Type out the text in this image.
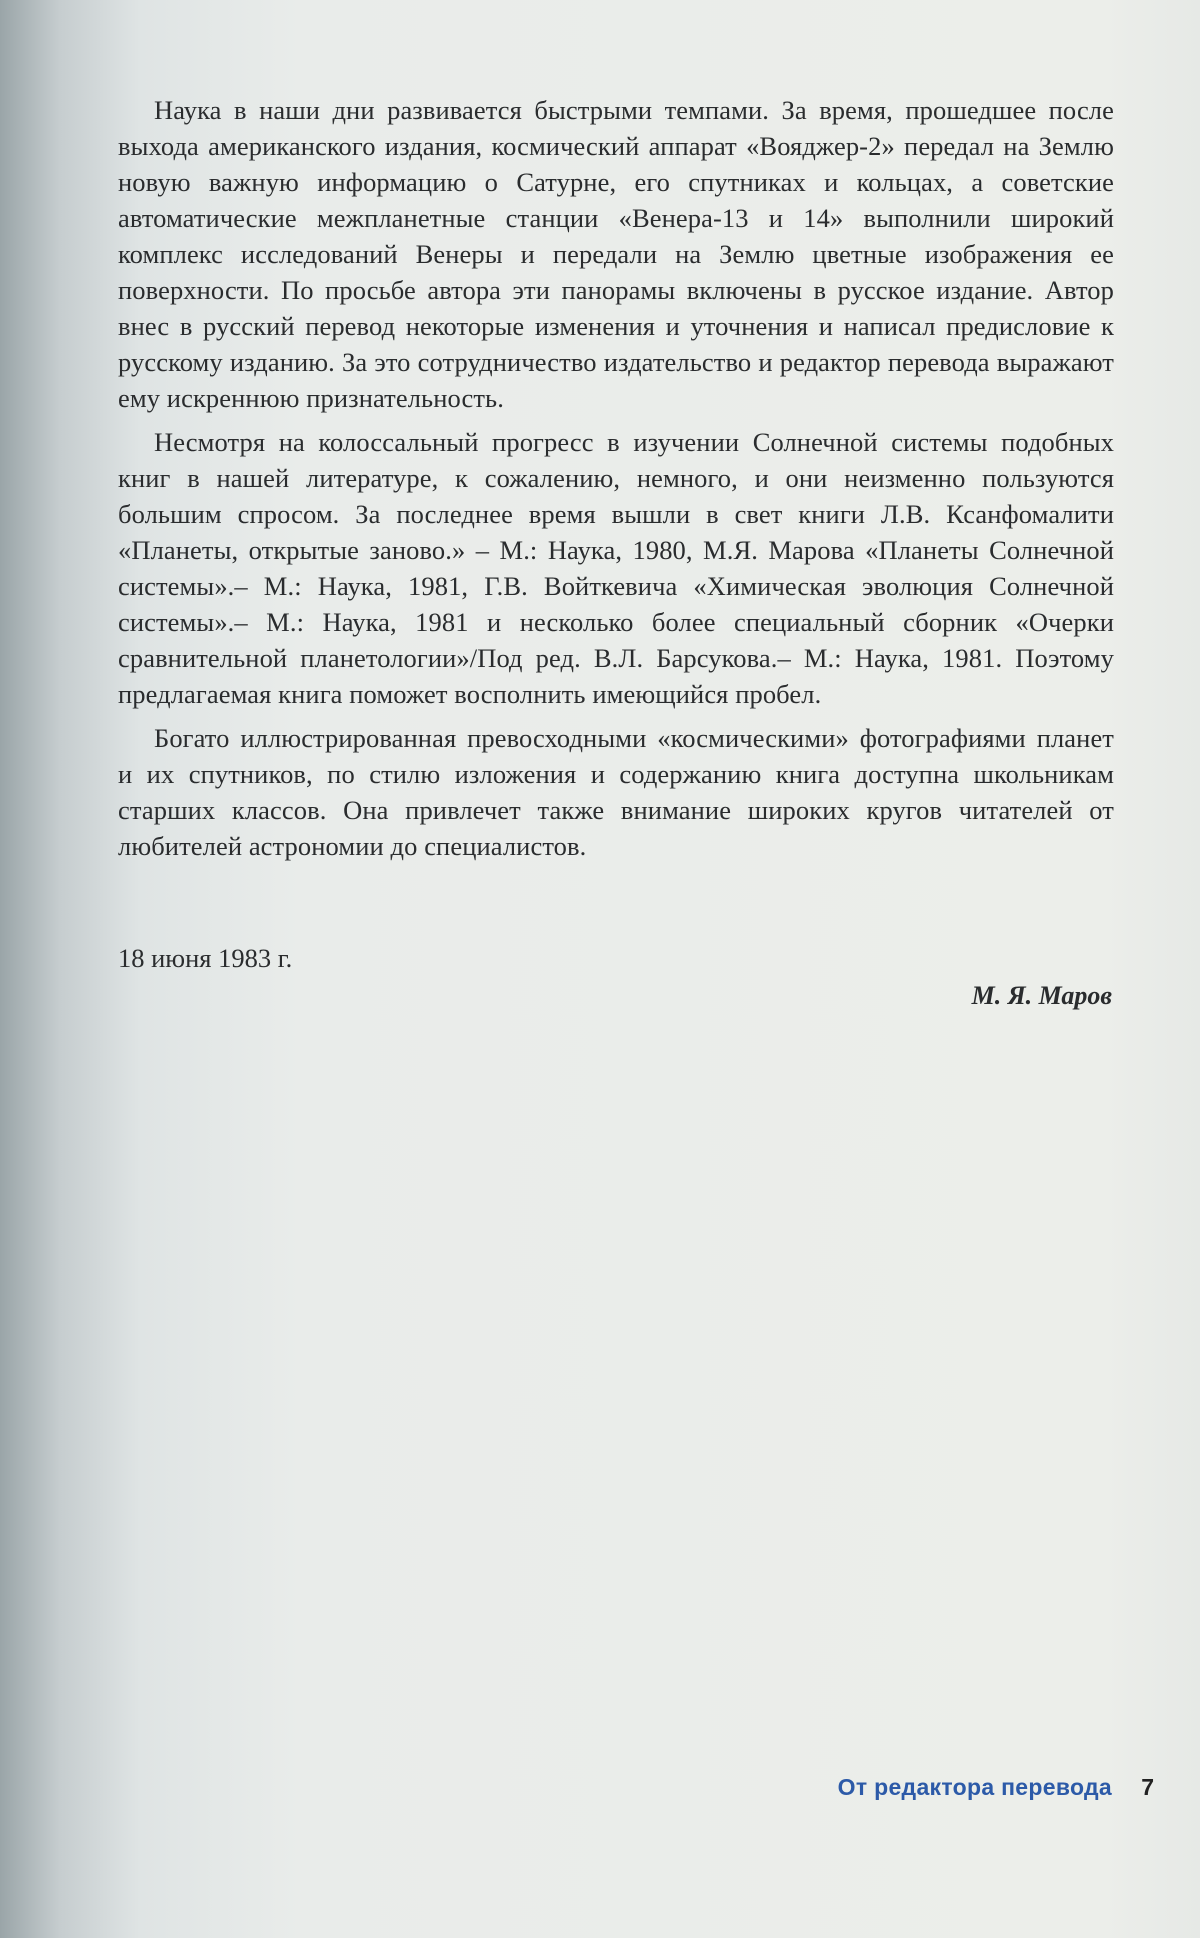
Наука в наши дни развивается быстрыми темпами. За время, прошедшее после выхода американского издания, космический аппарат «Вояджер-2» передал на Землю новую важную информацию о Сатурне, его спутниках и кольцах, а советские автоматические межпланетные станции «Венера-13 и 14» выполнили широкий комплекс исследований Венеры и передали на Землю цветные изображения ее поверхности. По просьбе автора эти панорамы включены в русское издание. Автор внес в русский перевод некоторые изменения и уточнения и написал предисловие к русскому изданию. За это сотрудничество издательство и редактор перевода выражают ему искреннюю признательность.

Несмотря на колоссальный прогресс в изучении Солнечной системы подобных книг в нашей литературе, к сожалению, немного, и они неизменно пользуются большим спросом. За последнее время вышли в свет книги Л.В. Ксанфомалити «Планеты, открытые заново.» – М.: Наука, 1980, М.Я. Марова «Планеты Солнечной системы».– М.: Наука, 1981, Г.В. Войткевича «Химическая эволюция Солнечной системы».– М.: Наука, 1981 и несколько более специальный сборник «Очерки сравнительной планетологии»/Под ред. В.Л. Барсукова.– М.: Наука, 1981. Поэтому предлагаемая книга поможет восполнить имеющийся пробел.

Богато иллюстрированная превосходными «космическими» фотографиями планет и их спутников, по стилю изложения и содержанию книга доступна школьникам старших классов. Она привлечет также внимание широких кругов читателей от любителей астрономии до специалистов.

18 июня 1983 г.
М. Я. Маров
От редактора перевода 7
